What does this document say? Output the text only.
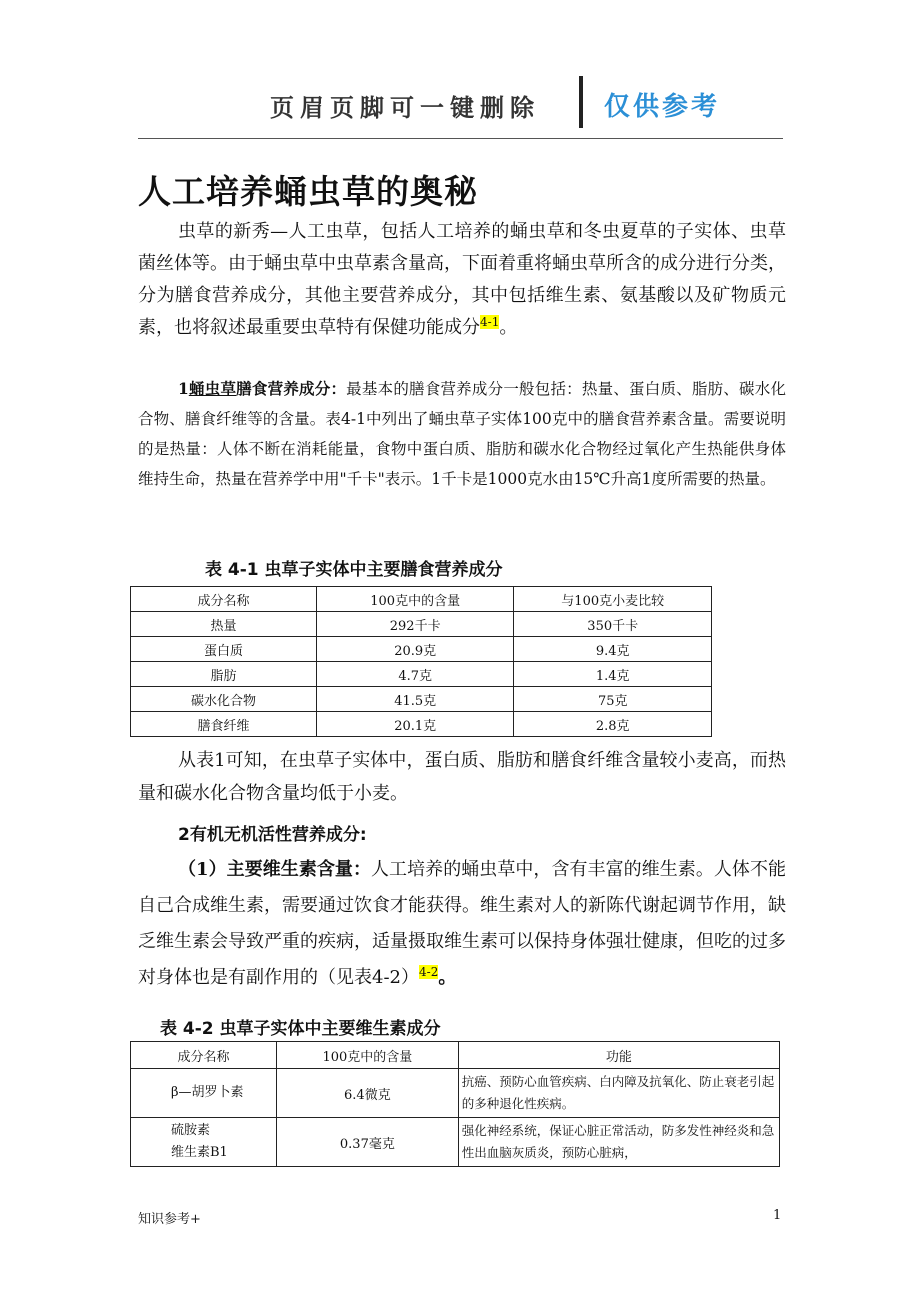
页眉页脚可一键删除 仅供参考
人工培养蛹虫草的奥秘

虫草的新秀—人工虫草，包括人工培养的蛹虫草和冬虫夏草的子实体、虫草菌丝体等。由于蛹虫草中虫草素含量高，下面着重将蛹虫草所含的成分进行分类，分为膳食营养成分，其他主要营养成分，其中包括维生素、氨基酸以及矿物质元素，也将叙述最重要虫草特有保健功能成分$^{4-1}$。

1蛹虫草膳食营养成分：最基本的膳食营养成分一般包括：热量、蛋白质、脂肪、碳水化合物、膳食纤维等的含量。表4-1中列出了蛹虫草子实体100克中的膳食营养素含量。需要说明的是热量：人体不断在消耗能量，食物中蛋白质、脂肪和碳水化合物经过氧化产生热能供身体维持生命，热量在营养学中用"千卡"表示。1千卡是1000克水由15℃升高1度所需要的热量。

表 4-1 虫草子实体中主要膳食营养成分
成分名称	100克中的含量	与100克小麦比较
热量	292千卡	350千卡
蛋白质	20.9克	9.4克
脂肪	4.7克	1.4克
碳水化合物	41.5克	75克
膳食纤维	20.1克	2.8克

从表1可知，在虫草子实体中，蛋白质、脂肪和膳食纤维含量较小麦高，而热量和碳水化合物含量均低于小麦。

2有机无机活性营养成分:

（1）主要维生素含量：人工培养的蛹虫草中，含有丰富的维生素。人体不能自己合成维生素，需要通过饮食才能获得。维生素对人的新陈代谢起调节作用，缺乏维生素会导致严重的疾病，适量摄取维生素可以保持身体强壮健康，但吃的过多对身体也是有副作用的（见表4-2）$^{4-2}$。

表 4-2 虫草子实体中主要维生素成分
成分名称	100克中的含量	功能
β—胡罗卜素	6.4微克	抗癌、预防心血管疾病、白内障及抗氧化、防止衰老引起的多种退化性疾病。
硫胺素
维生素B1	0.37毫克	强化神经系统，保证心脏正常活动，防多发性神经炎和急性出血脑灰质炎，预防心脏病，
知识参考+	1
